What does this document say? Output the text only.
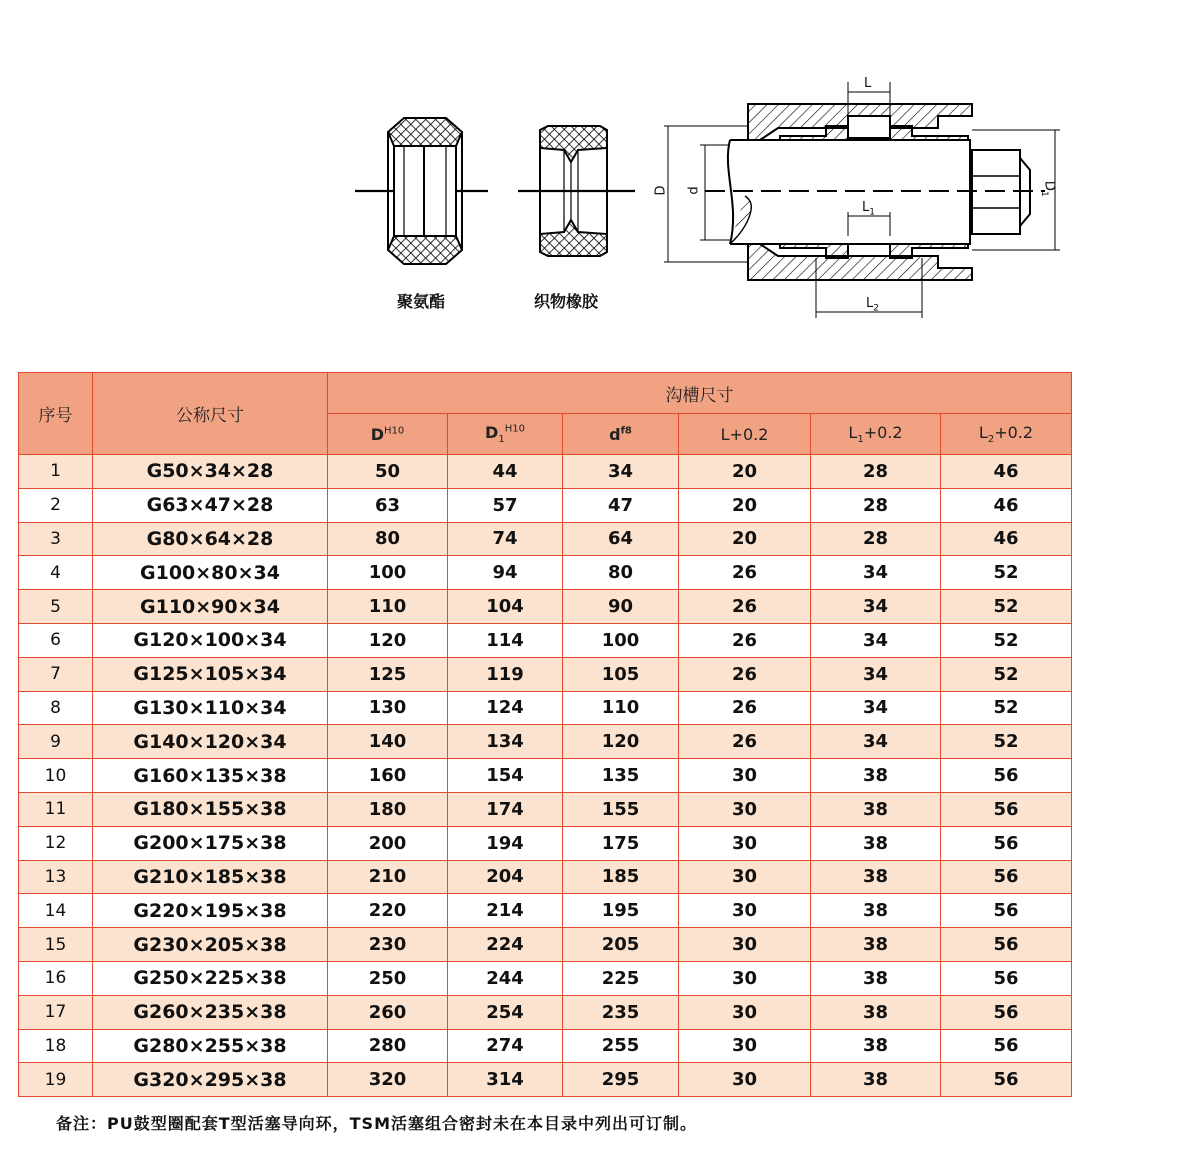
聚氨酯	织物橡胶
L
$L_1$
$L_2$
D d	$D_1$
序号	公称尺寸	沟槽尺寸					
		$D^{H10}$	$D_1^{H10}$	$d^{f8}$	L+0.2	$L_1+0.2$	$L_2+0.2$
1	G50×34×28	50	44	34	20	28	46
2	G63×47×28	63	57	47	20	28	46
3	G80×64×28	80	74	64	20	28	46
4	G100×80×34	100	94	80	26	34	52
5	G110×90×34	110	104	90	26	34	52
6	G120×100×34	120	114	100	26	34	52
7	G125×105×34	125	119	105	26	34	52
8	G130×110×34	130	124	110	26	34	52
9	G140×120×34	140	134	120	26	34	52
10	G160×135×38	160	154	135	30	38	56
11	G180×155×38	180	174	155	30	38	56
12	G200×175×38	200	194	175	30	38	56
13	G210×185×38	210	204	185	30	38	56
14	G220×195×38	220	214	195	30	38	56
15	G230×205×38	230	224	205	30	38	56
16	G250×225×38	250	244	225	30	38	56
17	G260×235×38	260	254	235	30	38	56
18	G280×255×38	280	274	255	30	38	56
19	G320×295×38	320	314	295	30	38	56
备注：PU鼓型圈配套T型活塞导向环，TSM活塞组合密封未在本目录中列出可订制。
